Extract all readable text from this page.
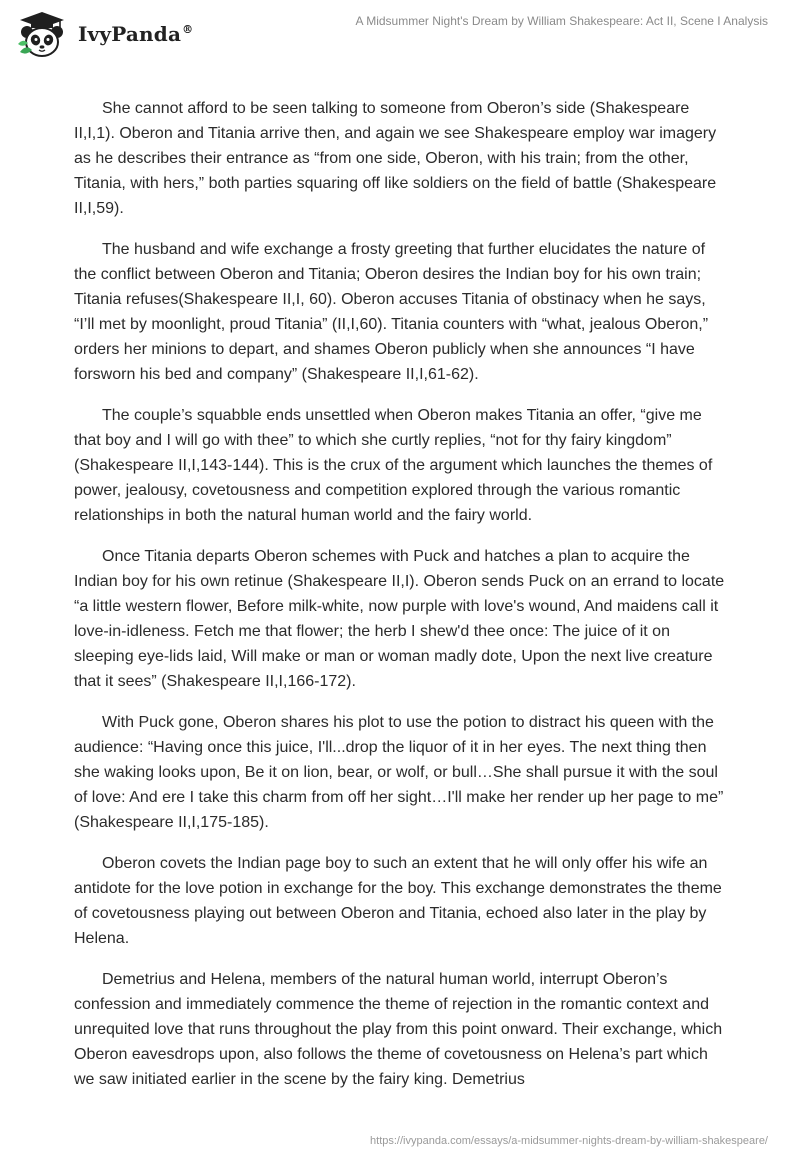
IvyPanda®
A Midsummer Night's Dream by William Shakespeare: Act II, Scene I Analysis

She cannot afford to be seen talking to someone from Oberon’s side (Shakespeare II,I,1). Oberon and Titania arrive then, and again we see Shakespeare employ war imagery as he describes their entrance as “from one side, Oberon, with his train; from the other, Titania, with hers,” both parties squaring off like soldiers on the field of battle (Shakespeare II,I,59).

The husband and wife exchange a frosty greeting that further elucidates the nature of the conflict between Oberon and Titania; Oberon desires the Indian boy for his own train; Titania refuses(Shakespeare II,I, 60). Oberon accuses Titania of obstinacy when he says, “I’ll met by moonlight, proud Titania” (II,I,60). Titania counters with “what, jealous Oberon,” orders her minions to depart, and shames Oberon publicly when she announces “I have forsworn his bed and company” (Shakespeare II,I,61-62).

The couple’s squabble ends unsettled when Oberon makes Titania an offer, “give me that boy and I will go with thee” to which she curtly replies, “not for thy fairy kingdom” (Shakespeare II,I,143-144). This is the crux of the argument which launches the themes of power, jealousy, covetousness and competition explored through the various romantic relationships in both the natural human world and the fairy world.

Once Titania departs Oberon schemes with Puck and hatches a plan to acquire the Indian boy for his own retinue (Shakespeare II,I). Oberon sends Puck on an errand to locate “a little western flower, Before milk-white, now purple with love's wound, And maidens call it love-in-idleness. Fetch me that flower; the herb I shew'd thee once: The juice of it on sleeping eye-lids laid, Will make or man or woman madly dote, Upon the next live creature that it sees” (Shakespeare II,I,166-172).

With Puck gone, Oberon shares his plot to use the potion to distract his queen with the audience: “Having once this juice, I'll...drop the liquor of it in her eyes. The next thing then she waking looks upon, Be it on lion, bear, or wolf, or bull…She shall pursue it with the soul of love: And ere I take this charm from off her sight…I'll make her render up her page to me” (Shakespeare II,I,175-185).

Oberon covets the Indian page boy to such an extent that he will only offer his wife an antidote for the love potion in exchange for the boy. This exchange demonstrates the theme of covetousness playing out between Oberon and Titania, echoed also later in the play by Helena.

Demetrius and Helena, members of the natural human world, interrupt Oberon’s confession and immediately commence the theme of rejection in the romantic context and unrequited love that runs throughout the play from this point onward. Their exchange, which Oberon eavesdrops upon, also follows the theme of covetousness on Helena’s part which we saw initiated earlier in the scene by the fairy king. Demetrius

https://ivypanda.com/essays/a-midsummer-nights-dream-by-william-shakespeare/
